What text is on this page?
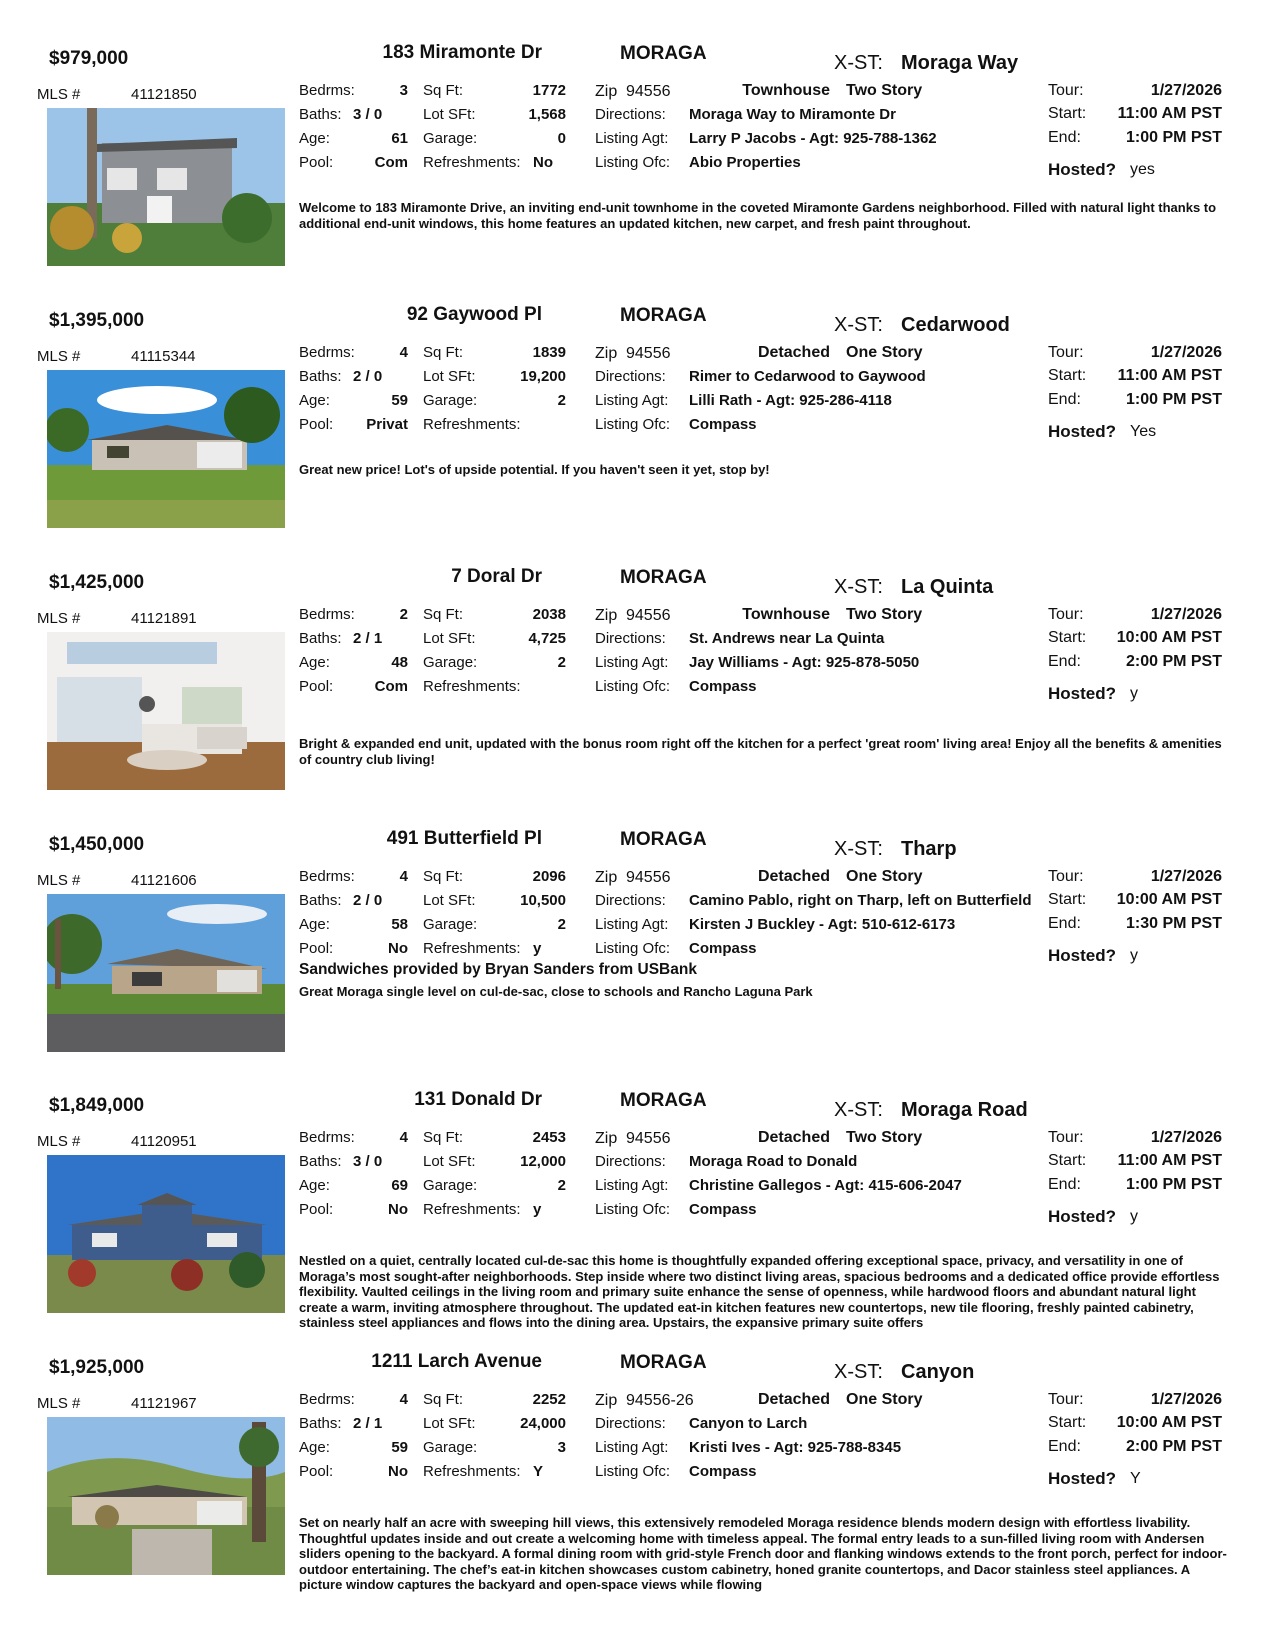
$979,000
MLS #	41121850
183 Miramonte Dr	MORAGA	X-ST: Moraga Way
Bedrms:	3 Sq Ft:	1772
Baths: 3 / 0	Lot SFt:	1,568
Age:	61 Garage:	0
Pool:	Com Refreshments: No
Zip 94556	Townhouse Two Story
Directions: Moraga Way to Miramonte Dr
Listing Agt: Larry P Jacobs - Agt: 925-788-1362
Listing Ofc: Abio Properties
Tour:	1/27/2026
Start:	11:00 AM PST
End:	1:00 PM PST
Hosted? yes
Welcome to 183 Miramonte Drive, an inviting end-unit townhome in the coveted Miramonte Gardens neighborhood. Filled with natural light thanks to additional end-unit windows, this home features an updated kitchen, new carpet, and fresh paint throughout.
$1,395,000
MLS #	41115344
92 Gaywood Pl	MORAGA	X-ST: Cedarwood
Bedrms:	4 Sq Ft:	1839
Baths: 2 / 0	Lot SFt:	19,200
Age:	59 Garage:	2
Pool:	Privat Refreshments:
Zip 94556	Detached One Story
Directions: Rimer to Cedarwood to Gaywood
Listing Agt: Lilli Rath - Agt: 925-286-4118
Listing Ofc: Compass
Tour:	1/27/2026
Start:	11:00 AM PST
End:	1:00 PM PST
Hosted? Yes
Great new price! Lot's of upside potential. If you haven't seen it yet, stop by!
$1,425,000
MLS #	41121891
7 Doral Dr	MORAGA	X-ST: La Quinta
Bedrms:	2 Sq Ft:	2038
Baths: 2 / 1	Lot SFt:	4,725
Age:	48 Garage:	2
Pool:	Com Refreshments:
Zip 94556	Townhouse Two Story
Directions: St. Andrews near La Quinta
Listing Agt: Jay Williams - Agt: 925-878-5050
Listing Ofc: Compass
Tour:	1/27/2026
Start:	10:00 AM PST
End:	2:00 PM PST
Hosted? y
Bright & expanded end unit, updated with the bonus room right off the kitchen for a perfect 'great room' living area! Enjoy all the benefits & amenities of country club living!
$1,450,000
MLS #	41121606
491 Butterfield Pl	MORAGA	X-ST: Tharp
Bedrms:	4 Sq Ft:	2096
Baths: 2 / 0	Lot SFt:	10,500
Age:	58 Garage:	2
Pool:	No Refreshments: y
Zip 94556	Detached One Story
Directions: Camino Pablo, right on Tharp, left on Butterfield
Listing Agt: Kirsten J Buckley - Agt: 510-612-6173
Listing Ofc: Compass
Tour:	1/27/2026
Start:	10:00 AM PST
End:	1:30 PM PST
Hosted? y
Sandwiches provided by Bryan Sanders from USBank
Great Moraga single level on cul-de-sac, close to schools and Rancho Laguna Park
$1,849,000
MLS #	41120951
131 Donald Dr	MORAGA	X-ST: Moraga Road
Bedrms:	4 Sq Ft:	2453
Baths: 3 / 0	Lot SFt:	12,000
Age:	69 Garage:	2
Pool:	No Refreshments: y
Zip 94556	Detached Two Story
Directions: Moraga Road to Donald
Listing Agt: Christine Gallegos - Agt: 415-606-2047
Listing Ofc: Compass
Tour:	1/27/2026
Start:	11:00 AM PST
End:	1:00 PM PST
Hosted? y
Nestled on a quiet, centrally located cul-de-sac this home is thoughtfully expanded offering exceptional space, privacy, and versatility in one of Moraga’s most sought-after neighborhoods. Step inside where two distinct living areas, spacious bedrooms and a dedicated office provide effortless flexibility. Vaulted ceilings in the living room and primary suite enhance the sense of openness, while hardwood floors and abundant natural light create a warm, inviting atmosphere throughout. The updated eat-in kitchen features new countertops, new tile flooring, freshly painted cabinetry, stainless steel appliances and flows into the dining area. Upstairs, the expansive primary suite offers
$1,925,000
MLS #	41121967
1211 Larch Avenue	MORAGA	X-ST: Canyon
Bedrms:	4 Sq Ft:	2252
Baths: 2 / 1	Lot SFt:	24,000
Age:	59 Garage:	3
Pool:	No Refreshments: Y
Zip 94556-26	Detached One Story
Directions: Canyon to Larch
Listing Agt: Kristi Ives - Agt: 925-788-8345
Listing Ofc: Compass
Tour:	1/27/2026
Start:	10:00 AM PST
End:	2:00 PM PST
Hosted? Y
Set on nearly half an acre with sweeping hill views, this extensively remodeled Moraga residence blends modern design with effortless livability. Thoughtful updates inside and out create a welcoming home with timeless appeal. The formal entry leads to a sun-filled living room with Andersen sliders opening to the backyard. A formal dining room with grid-style French door and flanking windows extends to the front porch, perfect for indoor-outdoor entertaining. The chef’s eat-in kitchen showcases custom cabinetry, honed granite countertops, and Dacor stainless steel appliances. A picture window captures the backyard and open-space views while flowing
